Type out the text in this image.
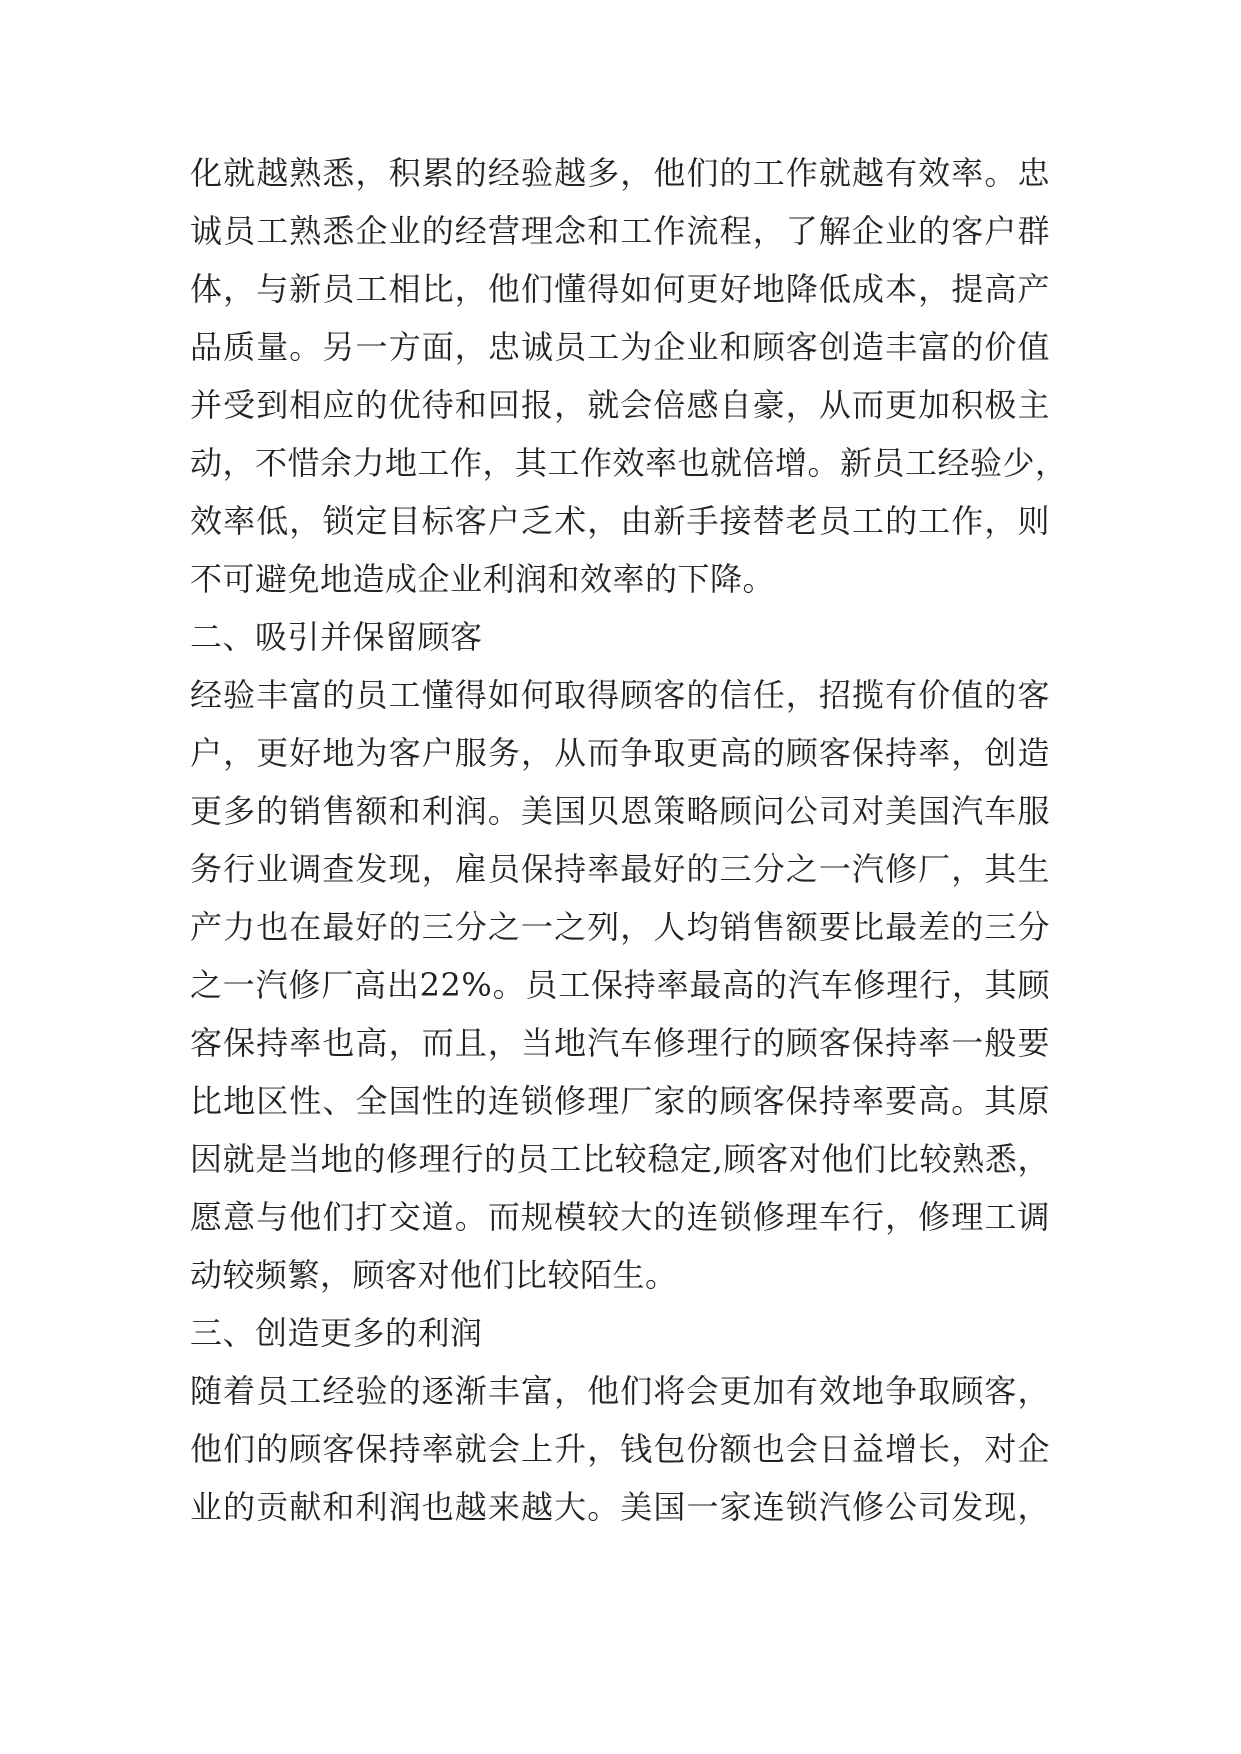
化就越熟悉，积累的经验越多，他们的工作就越有效率。忠
诚员工熟悉企业的经营理念和工作流程，了解企业的客户群
体，与新员工相比，他们懂得如何更好地降低成本，提高产
品质量。另一方面，忠诚员工为企业和顾客创造丰富的价值
并受到相应的优待和回报，就会倍感自豪，从而更加积极主
动，不惜余力地工作，其工作效率也就倍增。新员工经验少，
效率低，锁定目标客户乏术，由新手接替老员工的工作，则
不可避免地造成企业利润和效率的下降。
二、吸引并保留顾客
经验丰富的员工懂得如何取得顾客的信任，招揽有价值的客
户，更好地为客户服务，从而争取更高的顾客保持率，创造
更多的销售额和利润。美国贝恩策略顾问公司对美国汽车服
务行业调查发现，雇员保持率最好的三分之一汽修厂，其生
产力也在最好的三分之一之列，人均销售额要比最差的三分
之一汽修厂高出22%。员工保持率最高的汽车修理行，其顾
客保持率也高，而且，当地汽车修理行的顾客保持率一般要
比地区性、全国性的连锁修理厂家的顾客保持率要高。其原
因就是当地的修理行的员工比较稳定,顾客对他们比较熟悉，
愿意与他们打交道。而规模较大的连锁修理车行，修理工调
动较频繁，顾客对他们比较陌生。
三、创造更多的利润
随着员工经验的逐渐丰富，他们将会更加有效地争取顾客，
他们的顾客保持率就会上升，钱包份额也会日益增长，对企
业的贡献和利润也越来越大。美国一家连锁汽修公司发现，
